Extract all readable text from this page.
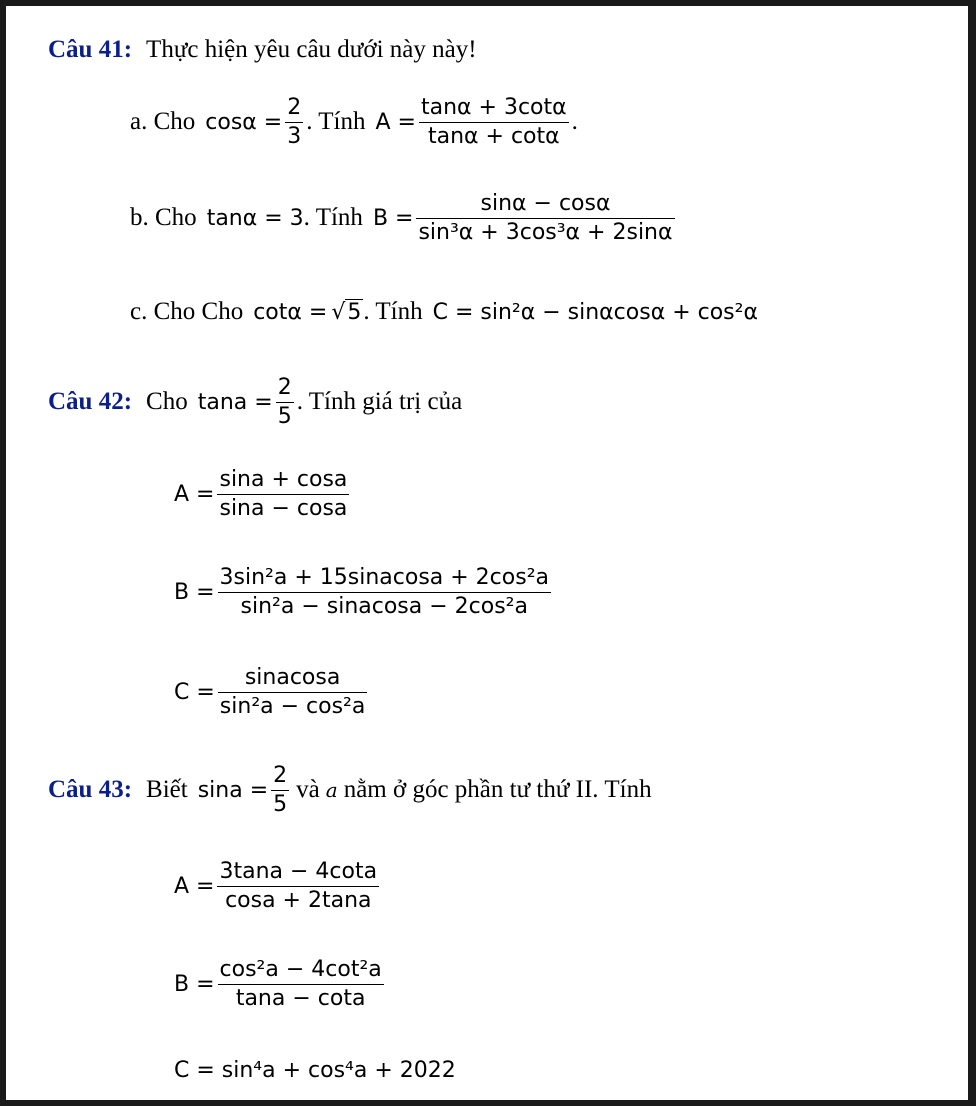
Câu 41: Thực hiện yêu câu dưới này này!
a. Cho $\cos\alpha = \frac{2}{3}$ . Tính $A = \frac{\tan\alpha + 3\cot\alpha}{\tan\alpha + \cot\alpha}$ .
b. Cho tanα = 3 . Tính $B = \frac{\sin\alpha - \cos\alpha}{\text{sin³α + 3cos³α + 2sinα}}$
c. Cho Cho cotα = √5 . Tính C = sin²α − sinαcosα + cos²α
Câu 42: Cho $\tan a = \frac{2}{5}$ . Tính giá trị của
$A = \frac{\sin a + \cos a}{\sin a - \cos a}$
$B = \frac{\text{3sin²a + 15sinacosa + 2cos²a}}{\text{sin²a − sinacosa − 2cos²a}}$
$C = \frac{\text{sinacosa}}{\text{sin²a − cos²a}}$
Câu 43: Biết $\sin a = \frac{2}{5}$ và a nằm ở góc phần tư thứ II. Tính
$A = \frac{3\tan a - 4\cot a}{\cos a + 2\tan a}$
$B = \frac{\text{cos²a − 4cot²a}}{\tan a - \cot a}$
C = sin⁴a + cos⁴a + 2022
